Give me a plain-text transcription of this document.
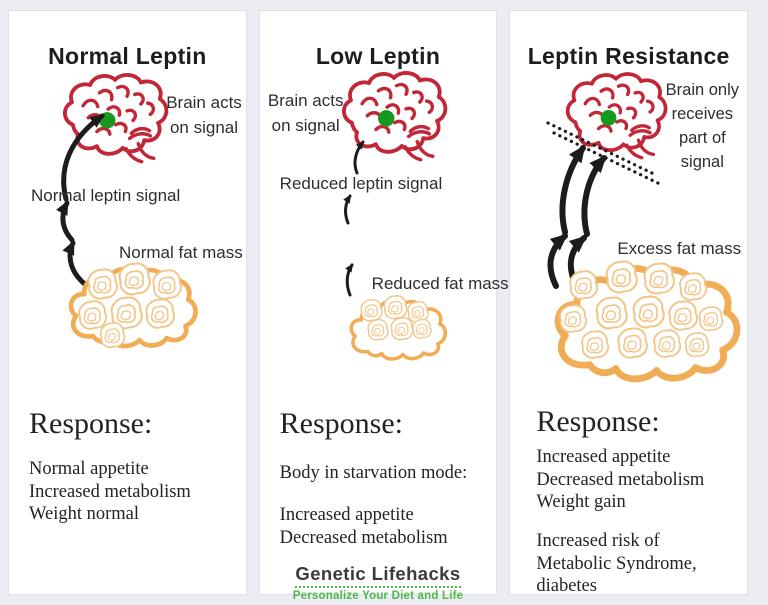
Normal Leptin
Brain acts
on signal
Normal leptin signal
Normal fat mass
Response:
Normal appetite
Increased metabolism
Weight normal
Low Leptin
Brain acts
on signal
Reduced leptin signal
Reduced fat mass
Response:
Body in starvation mode:
Increased appetite
Decreased metabolism
Genetic Lifehacks
Personalize Your Diet and Life
Leptin Resistance
Brain only
receives
part of
signal
Excess fat mass
Response:
Increased appetite
Decreased metabolism
Weight gain
Increased risk of
Metabolic Syndrome,
diabetes
